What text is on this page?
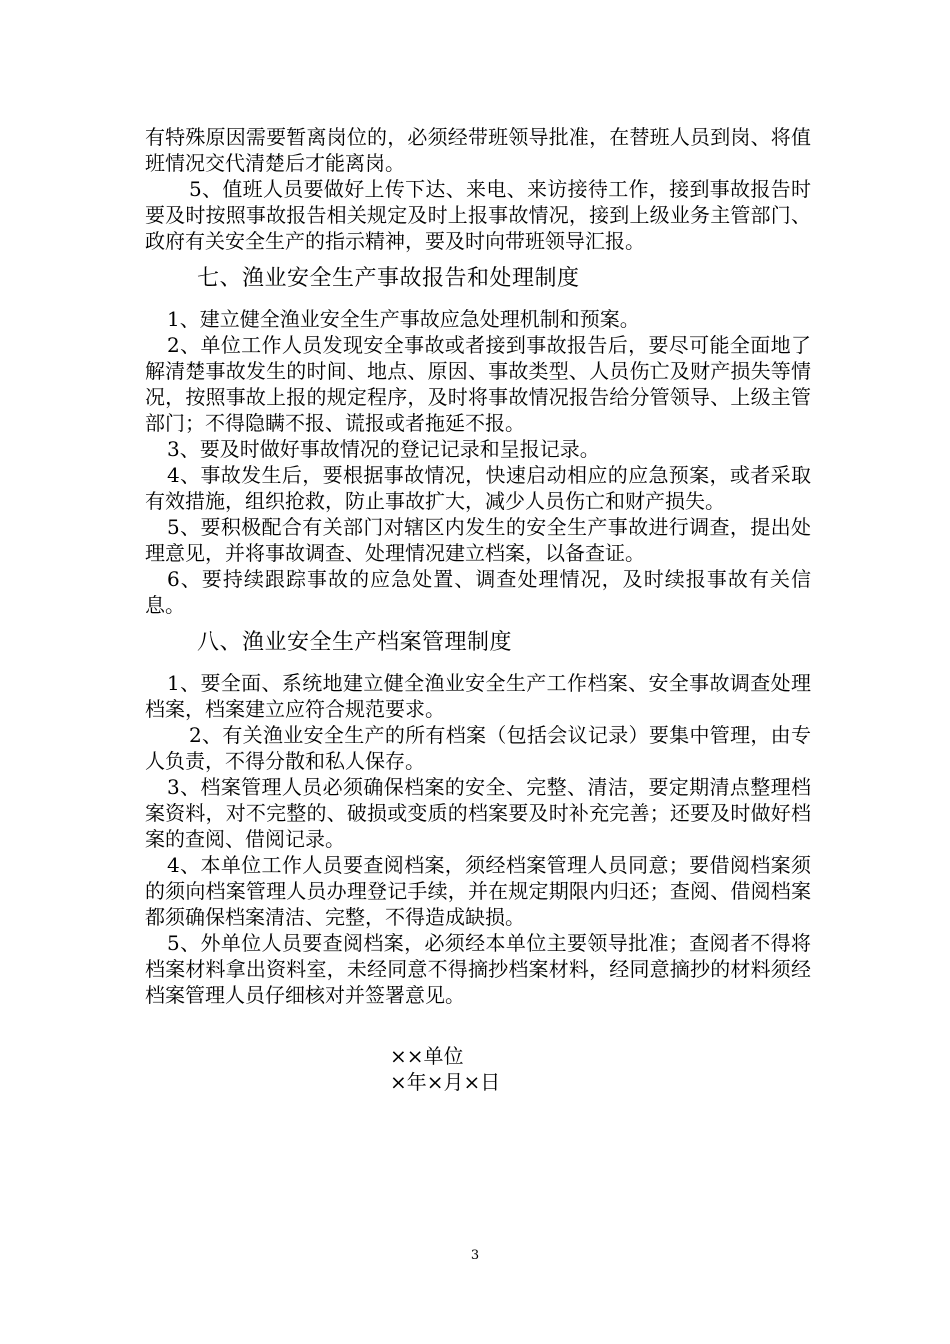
有特殊原因需要暂离岗位的，必须经带班领导批准，在替班人员到岗、将值班情况交代清楚后才能离岗。

5、值班人员要做好上传下达、来电、来访接待工作，接到事故报告时要及时按照事故报告相关规定及时上报事故情况，接到上级业务主管部门、政府有关安全生产的指示精神，要及时向带班领导汇报。

七、渔业安全生产事故报告和处理制度

1、建立健全渔业安全生产事故应急处理机制和预案。

2、单位工作人员发现安全事故或者接到事故报告后，要尽可能全面地了解清楚事故发生的时间、地点、原因、事故类型、人员伤亡及财产损失等情况，按照事故上报的规定程序，及时将事故情况报告给分管领导、上级主管部门；不得隐瞒不报、谎报或者拖延不报。

3、要及时做好事故情况的登记记录和呈报记录。

4、事故发生后，要根据事故情况，快速启动相应的应急预案，或者采取有效措施，组织抢救，防止事故扩大，减少人员伤亡和财产损失。

5、要积极配合有关部门对辖区内发生的安全生产事故进行调查，提出处理意见，并将事故调查、处理情况建立档案，以备查证。

6、要持续跟踪事故的应急处置、调查处理情况，及时续报事故有关信息。

八、渔业安全生产档案管理制度

1、要全面、系统地建立健全渔业安全生产工作档案、安全事故调查处理档案，档案建立应符合规范要求。

2、有关渔业安全生产的所有档案（包括会议记录）要集中管理，由专人负责，不得分散和私人保存。

3、档案管理人员必须确保档案的安全、完整、清洁，要定期清点整理档案资料，对不完整的、破损或变质的档案要及时补充完善；还要及时做好档案的查阅、借阅记录。

4、本单位工作人员要查阅档案，须经档案管理人员同意；要借阅档案须的须向档案管理人员办理登记手续，并在规定期限内归还；查阅、借阅档案都须确保档案清洁、完整，不得造成缺损。

5、外单位人员要查阅档案，必须经本单位主要领导批准；查阅者不得将档案材料拿出资料室，未经同意不得摘抄档案材料，经同意摘抄的材料须经档案管理人员仔细核对并签署意见。

××单位
×年×月×日
3
